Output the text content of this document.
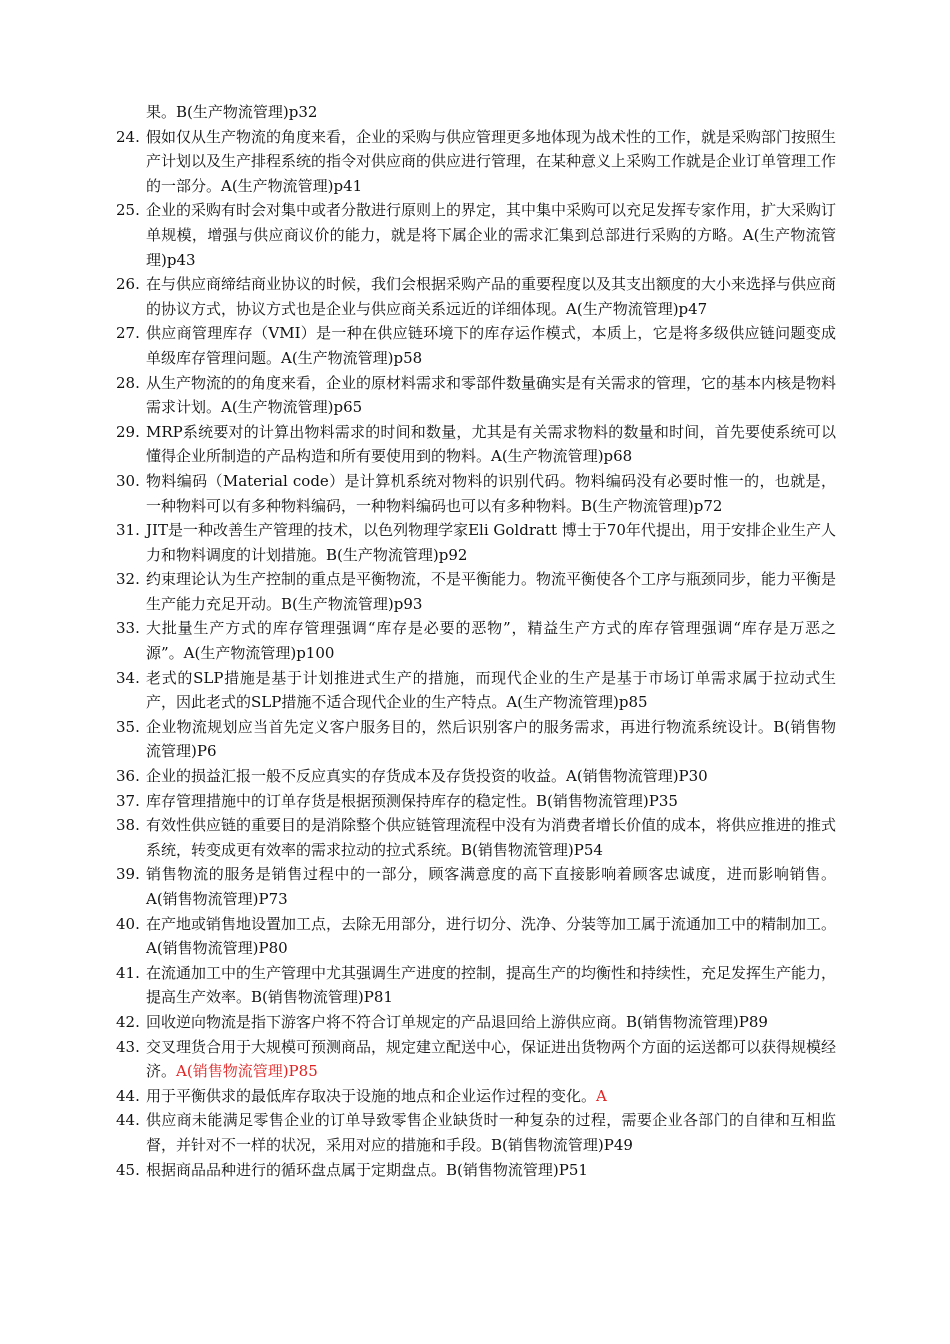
果。B(生产物流管理)p32
24. 假如仅从生产物流的角度来看，企业的采购与供应管理更多地体现为战术性的工作，就是采购部门按照生产计划以及生产排程系统的指令对供应商的供应进行管理，在某种意义上采购工作就是企业订单管理工作的一部分。A(生产物流管理)p41
25. 企业的采购有时会对集中或者分散进行原则上的界定，其中集中采购可以充足发挥专家作用，扩大采购订单规模，增强与供应商议价的能力，就是将下属企业的需求汇集到总部进行采购的方略。A(生产物流管理)p43
26. 在与供应商缔结商业协议的时候，我们会根据采购产品的重要程度以及其支出额度的大小来选择与供应商的协议方式，协议方式也是企业与供应商关系远近的详细体现。A(生产物流管理)p47
27. 供应商管理库存（VMI）是一种在供应链环境下的库存运作模式，本质上，它是将多级供应链问题变成单级库存管理问题。A(生产物流管理)p58
28. 从生产物流的的角度来看，企业的原材料需求和零部件数量确实是有关需求的管理，它的基本内核是物料需求计划。A(生产物流管理)p65
29. MRP系统要对的计算出物料需求的时间和数量，尤其是有关需求物料的数量和时间，首先要使系统可以懂得企业所制造的产品构造和所有要使用到的物料。A(生产物流管理)p68
30. 物料编码（Material code）是计算机系统对物料的识别代码。物料编码没有必要时惟一的，也就是，一种物料可以有多种物料编码，一种物料编码也可以有多种物料。B(生产物流管理)p72
31. JIT是一种改善生产管理的技术，以色列物理学家Eli Goldratt 博士于70年代提出，用于安排企业生产人力和物料调度的计划措施。B(生产物流管理)p92
32. 约束理论认为生产控制的重点是平衡物流，不是平衡能力。物流平衡使各个工序与瓶颈同步，能力平衡是生产能力充足开动。B(生产物流管理)p93
33. 大批量生产方式的库存管理强调“库存是必要的恶物”，精益生产方式的库存管理强调“库存是万恶之源”。A(生产物流管理)p100
34. 老式的SLP措施是基于计划推进式生产的措施，而现代企业的生产是基于市场订单需求属于拉动式生产，因此老式的SLP措施不适合现代企业的生产特点。A(生产物流管理)p85
35. 企业物流规划应当首先定义客户服务目的，然后识别客户的服务需求，再进行物流系统设计。B(销售物流管理)P6
36. 企业的损益汇报一般不反应真实的存货成本及存货投资的收益。A(销售物流管理)P30
37. 库存管理措施中的订单存货是根据预测保持库存的稳定性。B(销售物流管理)P35
38. 有效性供应链的重要目的是消除整个供应链管理流程中没有为消费者增长价值的成本，将供应推进的推式系统，转变成更有效率的需求拉动的拉式系统。B(销售物流管理)P54
39. 销售物流的服务是销售过程中的一部分，顾客满意度的高下直接影响着顾客忠诚度，进而影响销售。A(销售物流管理)P73
40. 在产地或销售地设置加工点，去除无用部分，进行切分、洗净、分装等加工属于流通加工中的精制加工。A(销售物流管理)P80
41. 在流通加工中的生产管理中尤其强调生产进度的控制，提高生产的均衡性和持续性，充足发挥生产能力，提高生产效率。B(销售物流管理)P81
42. 回收逆向物流是指下游客户将不符合订单规定的产品退回给上游供应商。B(销售物流管理)P89
43. 交叉理货合用于大规模可预测商品，规定建立配送中心，保证进出货物两个方面的运送都可以获得规模经济。A(销售物流管理)P85
44. 用于平衡供求的最低库存取决于设施的地点和企业运作过程的变化。A
44. 供应商未能满足零售企业的订单导致零售企业缺货时一种复杂的过程，需要企业各部门的自律和互相监督，并针对不一样的状况，采用对应的措施和手段。B(销售物流管理)P49
45. 根据商品品种进行的循环盘点属于定期盘点。B(销售物流管理)P51
